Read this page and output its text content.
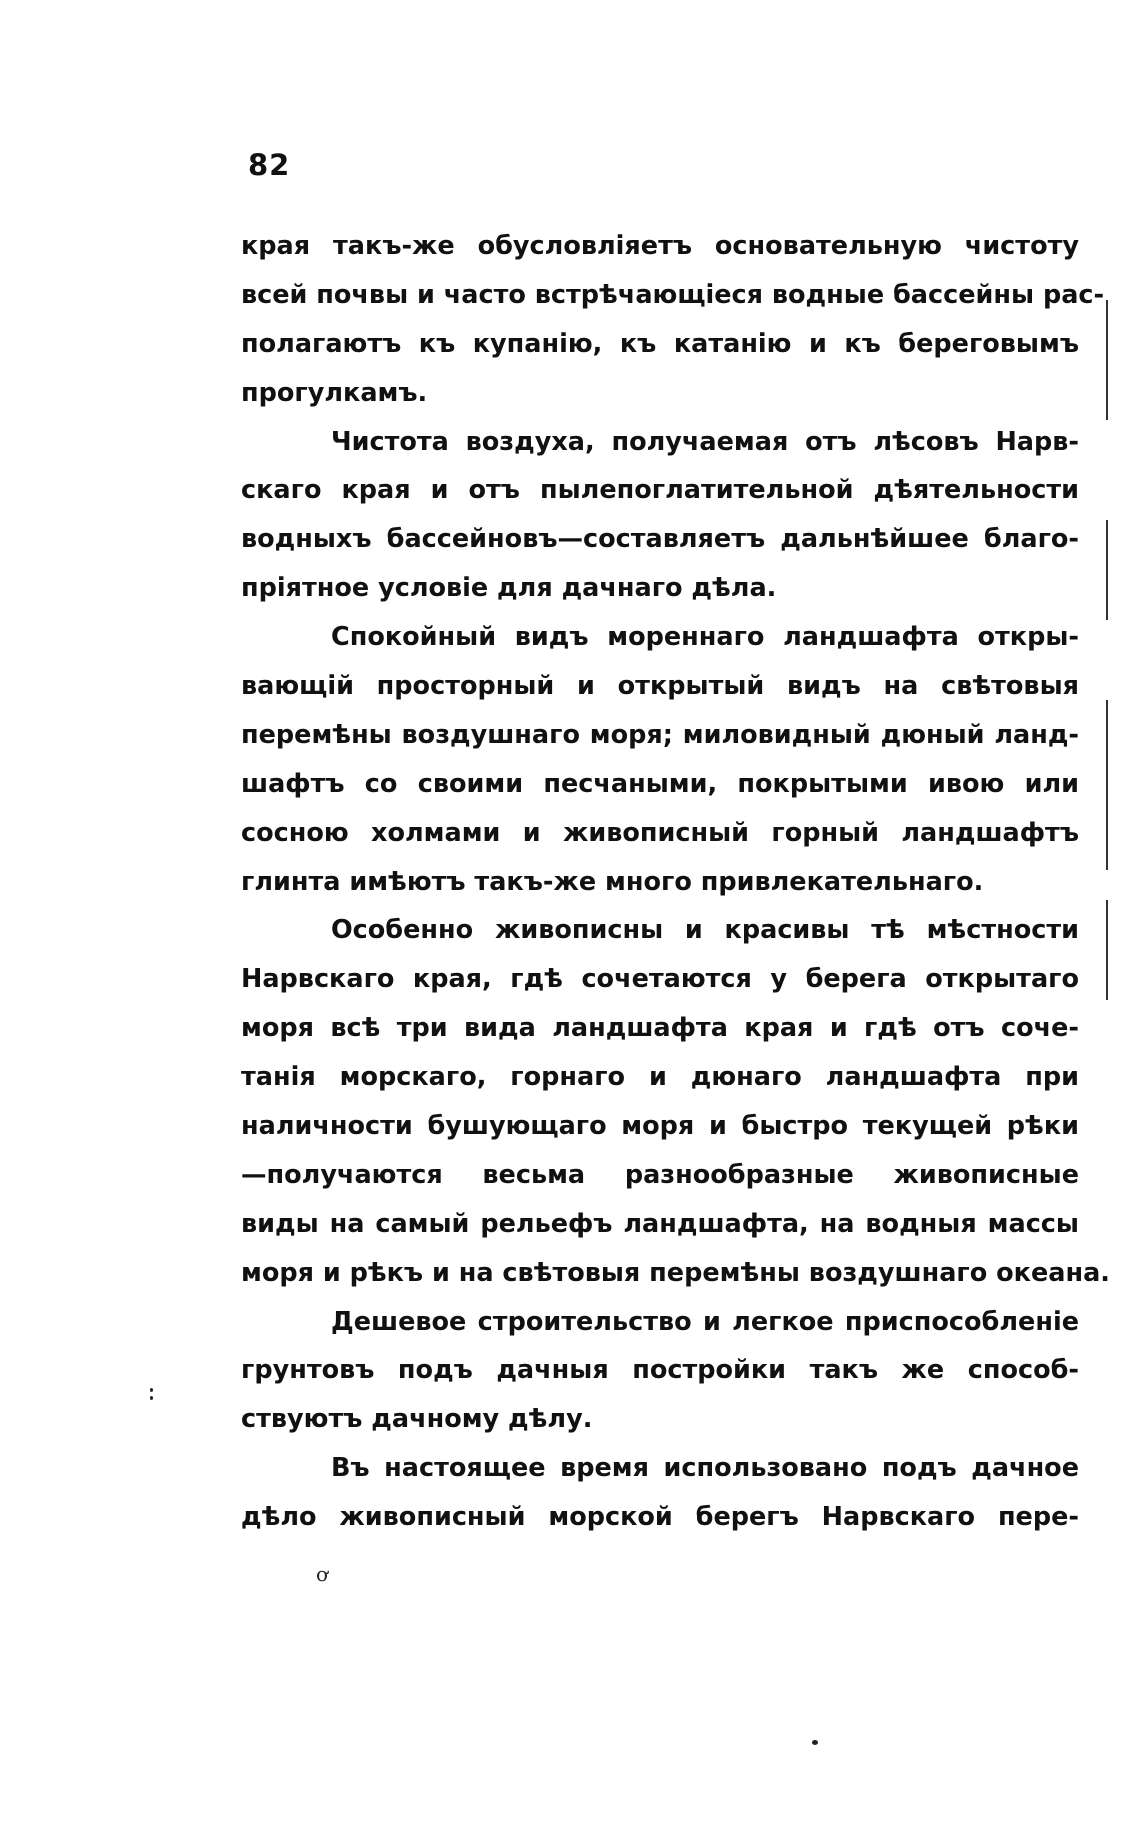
82
края такъ-же обусловліяетъ основательную чистоту
всей почвы и часто встрѣчающіеся водные бассейны рас-
полагаютъ къ купанію, къ катанію и къ береговымъ
прогулкамъ.
Чистота воздуха, получаемая отъ лѣсовъ Нарв-
скаго края и отъ пылепоглатительной дѣятельности
водныхъ бассейновъ—составляетъ дальнѣйшее благо-
пріятное условіе для дачнаго дѣла.
Спокойный видъ мореннаго ландшафта откры-
вающій просторный и открытый видъ на свѣтовыя
перемѣны воздушнаго моря; миловидный дюный ланд-
шафтъ со своими песчаными, покрытыми ивою или
сосною холмами и живописный горный ландшафтъ
глинта имѣютъ такъ-же много привлекательнаго.
Особенно живописны и красивы тѣ мѣстности
Нарвскаго края, гдѣ сочетаются у берега открытаго
моря всѣ три вида ландшафта края и гдѣ отъ соче-
танія морскаго, горнаго и дюнаго ландшафта при
наличности бушующаго моря и быстро текущей рѣки
—получаются весьма разнообразные живописные
виды на самый рельефъ ландшафта, на водныя массы
моря и рѣкъ и на свѣтовыя перемѣны воздушнаго океана.
Дешевое строительство и легкое приспособленіе
грунтовъ подъ дачныя постройки такъ же способ-
ствуютъ дачному дѣлу.
Въ настоящее время использовано подъ дачное
дѣло живописный морской берегъ Нарвскаго пере-
ơ
